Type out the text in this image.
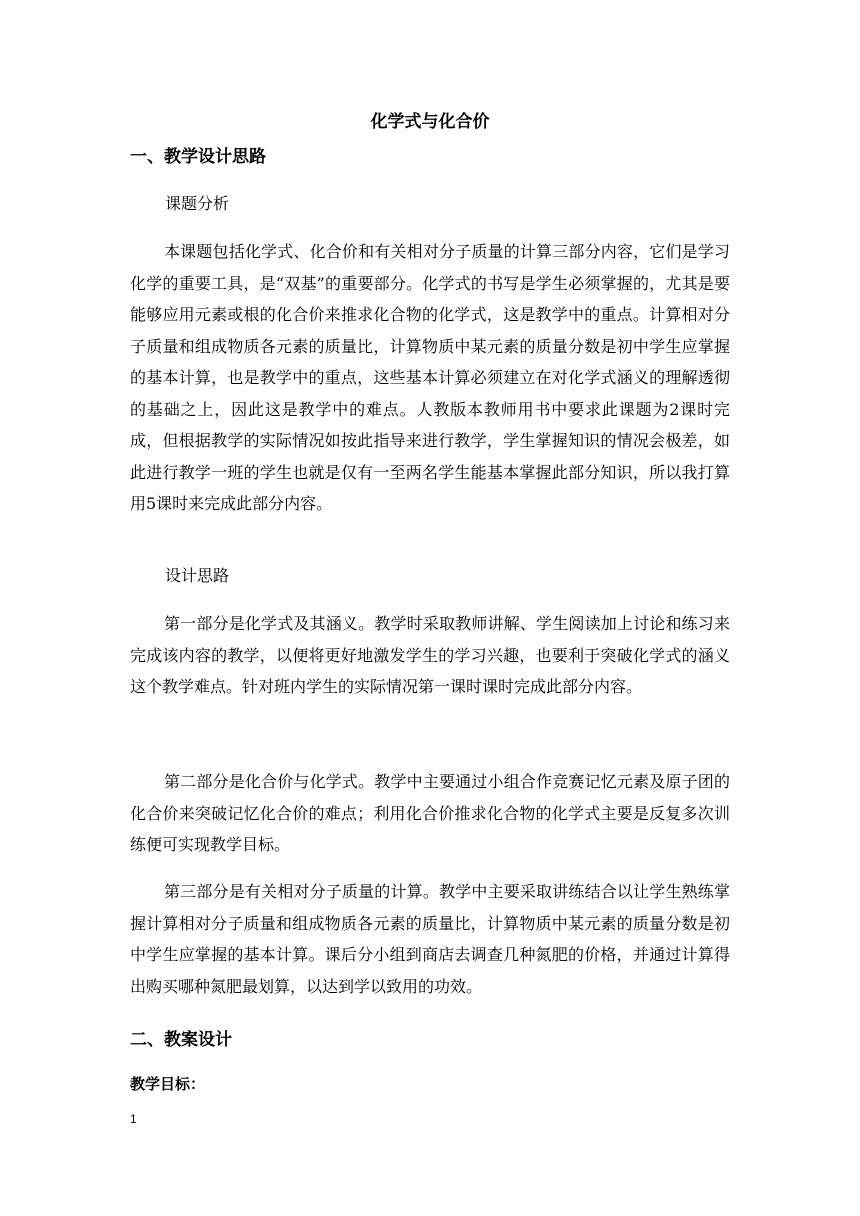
化学式与化合价
一、教学设计思路
课题分析

本课题包括化学式、化合价和有关相对分子质量的计算三部分内容，它们是学习化学的重要工具，是“双基”的重要部分。化学式的书写是学生必须掌握的，尤其是要能够应用元素或根的化合价来推求化合物的化学式，这是教学中的重点。计算相对分子质量和组成物质各元素的质量比，计算物质中某元素的质量分数是初中学生应掌握的基本计算，也是教学中的重点，这些基本计算必须建立在对化学式涵义的理解透彻的基础之上，因此这是教学中的难点。人教版本教师用书中要求此课题为2课时完成，但根据教学的实际情况如按此指导来进行教学，学生掌握知识的情况会极差，如此进行教学一班的学生也就是仅有一至两名学生能基本掌握此部分知识，所以我打算用5课时来完成此部分内容。

设计思路

第一部分是化学式及其涵义。教学时采取教师讲解、学生阅读加上讨论和练习来完成该内容的教学，以便将更好地激发学生的学习兴趣，也要利于突破化学式的涵义这个教学难点。针对班内学生的实际情况第一课时课时完成此部分内容。

第二部分是化合价与化学式。教学中主要通过小组合作竞赛记忆元素及原子团的化合价来突破记忆化合价的难点；利用化合价推求化合物的化学式主要是反复多次训练便可实现教学目标。

第三部分是有关相对分子质量的计算。教学中主要采取讲练结合以让学生熟练掌握计算相对分子质量和组成物质各元素的质量比，计算物质中某元素的质量分数是初中学生应掌握的基本计算。课后分小组到商店去调查几种氮肥的价格，并通过计算得出购买哪种氮肥最划算，以达到学以致用的功效。

二、教案设计
教学目标：
1
